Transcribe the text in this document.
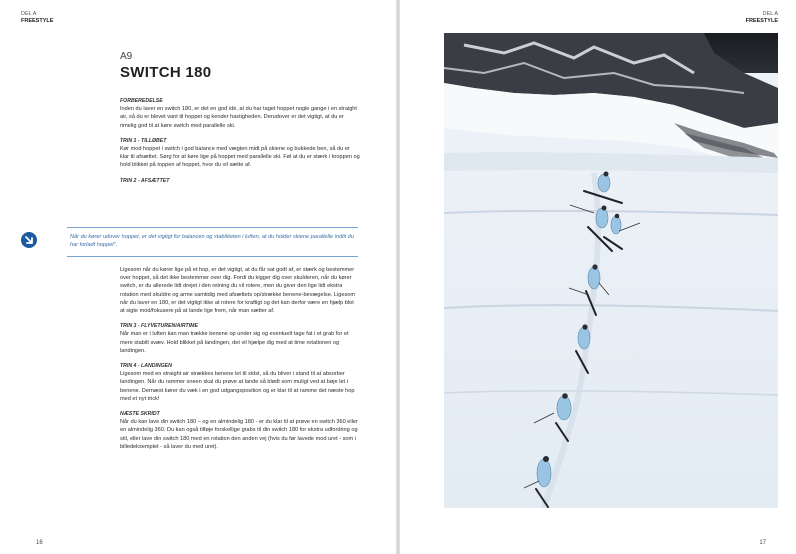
DEL A
FREESTYLE
A9
SWITCH 180

FORBEREDELSE

Inden du laver en switch 180, er det en god idé, at du har taget hoppet nogle gange i en straight air, så du er blevet vant til hoppet og kender hastigheden. Derudover er det vigtigt, at du er rimelig god til at køre switch med parallelle ski.

TRIN 1 - TILLØBET

Kør mod hoppet i switch i god balance med vægten midt på skiene og bukkede ben, så du er klar til afsættet. Sørg for at køre lige på hoppet med parallelle ski. Føl at du er stærk i kroppen og hold blikket på toppen af hoppet, hvor du vil sætte af.

TRIN 2 - AFSÆTTET

Når du kører udover hoppet, er det vigtigt for balancen og stabiliteten i luften, at du holder skiene parallelle indtil du har forladt hoppet".

Ligesom når du kører lige på et hop, er det vigtigt, at du får sat godt af, er stærk og bestemmer over hoppet, så det ikke bestemmer over dig. Fordi du kigger dig over skulderen, når du kører switch, er du allerede lidt drejet i den retning du vil rotere, men du giver den lige lidt ekstra rotation med skuldre og arme samtidig med afsættets op/strække benene-bevægelse. Ligesom når du laver en 180, er det vigtigt ikke at rotere for kraftigt og det kan derfor være en hjælp blot at sigte mod/fokusere på at lande lige frem, når man sætter af.

TRIN 3 - FLYVETUREN/AIRTIME

Når man er i luften kan man trække benene op under sig og eventuelt tage fat i et grab for et mere stabilt svæv. Hold blikket på landingen, det vil hjælpe dig med at time rotationen og landingen.

TRIN 4 - LANDINGEN

Ligesom med en straight air strækkes benene let til sidst, så du bliver i stand til at absorber landingen. Når du rammer sneen skal du prøve at lande så blødt som muligt ved at bøje let i benene. Dernæst kører du væk i en god udgangsposition og er klar til at ramme det næste hop med et nyt trick!

NÆSTE SKRIDT

Når du kan lave din switch 180 – og en almindelig 180 - er du klar til at prøve en switch 360 eller en almindelig 360. Du kan også tilføje forskellige grabs til din switch 180 for ekstra udfordring og stil, eller lave din switch 180 med en rotation den anden vej (hvis du før lavede mod uret - som i billedeksemplet - så laver du med uret).

16
DEL A
FREESTYLE
17
